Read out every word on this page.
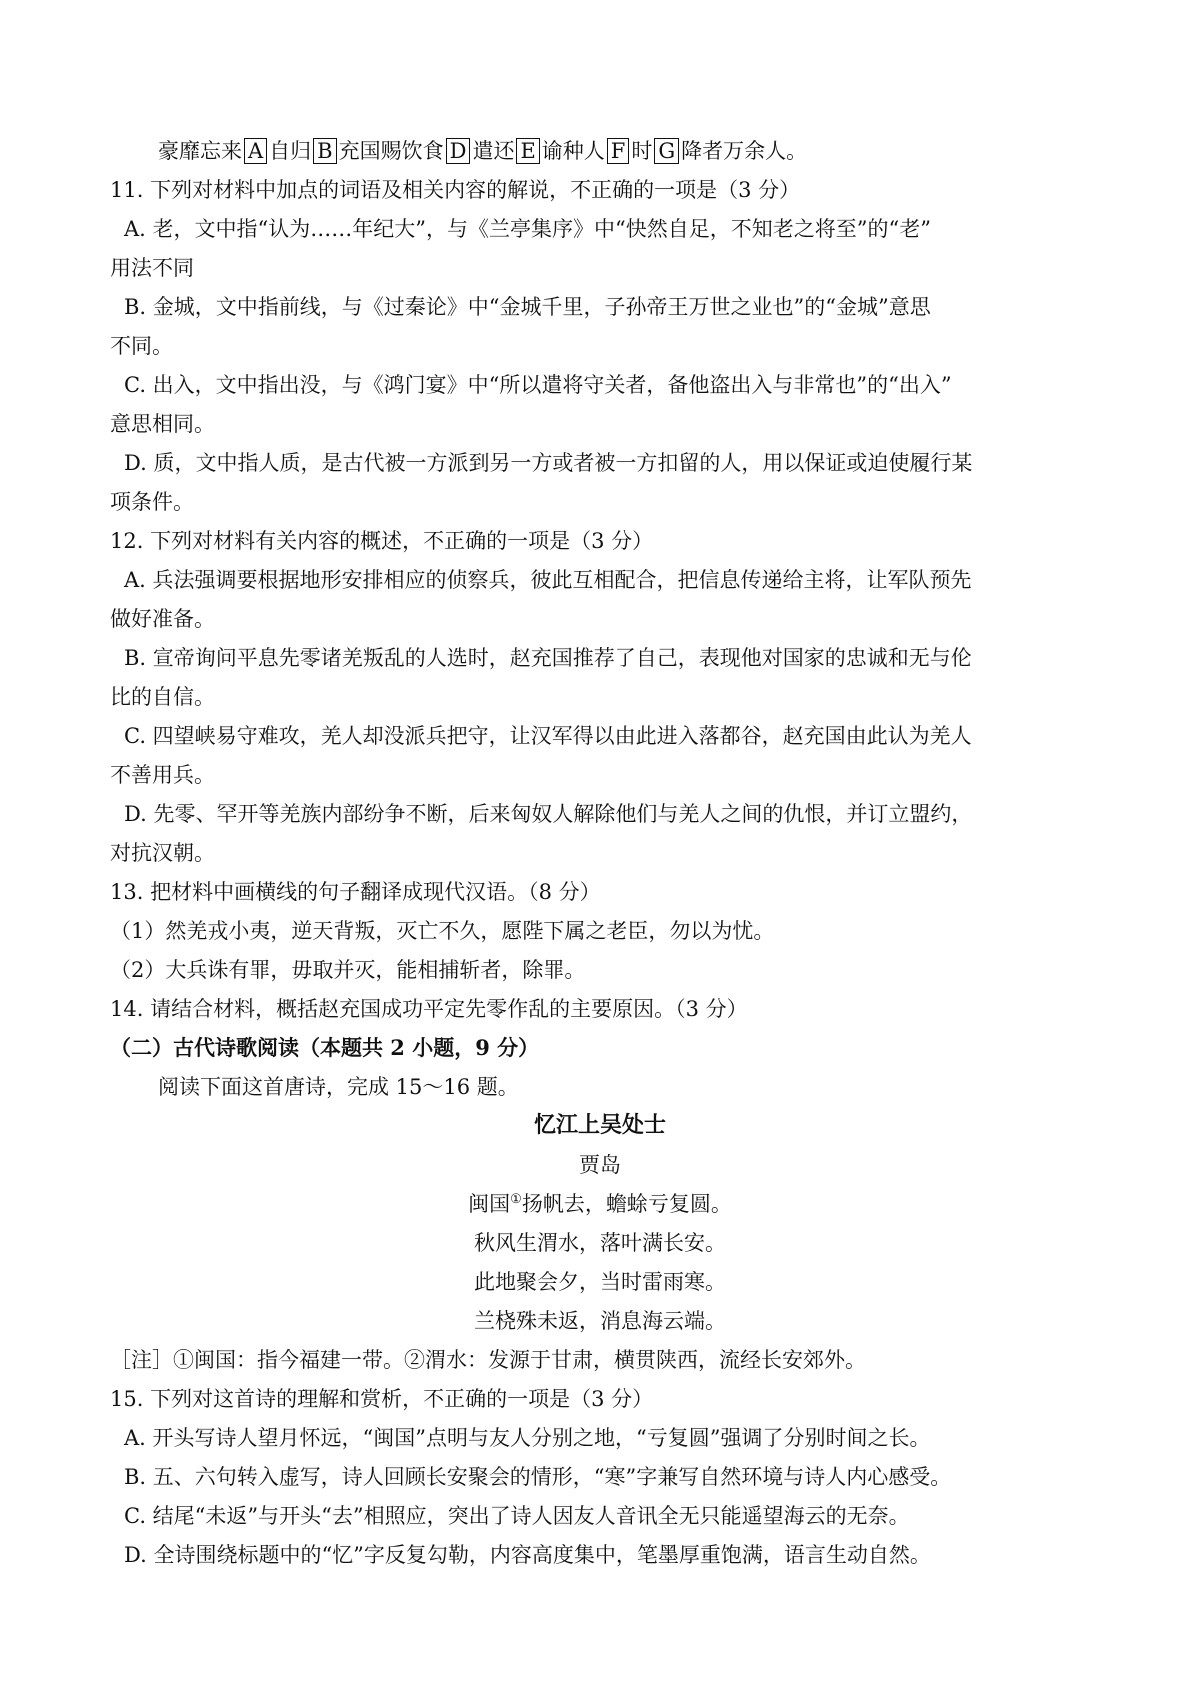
豪靡忘来 A 自归 B 充国赐饮食 D 遣还 E 谕种人 F 时 G 降者万余人。
11. 下列对材料中加点的词语及相关内容的解说，不正确的一项是（3 分）
A. 老，文中指“认为……年纪大”，与《兰亭集序》中“快然自足，不知老之将至”的“老”
用法不同
B. 金城，文中指前线，与《过秦论》中“金城千里，子孙帝王万世之业也”的“金城”意思
不同。
C. 出入，文中指出没，与《鸿门宴》中“所以遣将守关者，备他盗出入与非常也”的“出入”
意思相同。
D. 质，文中指人质，是古代被一方派到另一方或者被一方扣留的人，用以保证或迫使履行某
项条件。
12. 下列对材料有关内容的概述，不正确的一项是（3 分）
A. 兵法强调要根据地形安排相应的侦察兵，彼此互相配合，把信息传递给主将，让军队预先
做好准备。
B. 宣帝询问平息先零诸羌叛乱的人选时，赵充国推荐了自己，表现他对国家的忠诚和无与伦
比的自信。
C. 四望峡易守难攻，羌人却没派兵把守，让汉军得以由此进入落都谷，赵充国由此认为羌人
不善用兵。
D. 先零、罕开等羌族内部纷争不断，后来匈奴人解除他们与羌人之间的仇恨，并订立盟约，
对抗汉朝。
13. 把材料中画横线的句子翻译成现代汉语。（8 分）
（1）然羌戎小夷，逆天背叛，灭亡不久，愿陛下属之老臣，勿以为忧。
（2）大兵诛有罪，毋取并灭，能相捕斩者，除罪。
14. 请结合材料，概括赵充国成功平定先零作乱的主要原因。（3 分）
（二）古代诗歌阅读（本题共 2 小题，9 分）
阅读下面这首唐诗，完成 15～16 题。
忆江上吴处士
贾岛
闽国①扬帆去，蟾蜍亏复圆。
秋风生渭水，落叶满长安。
此地聚会夕，当时雷雨寒。
兰桡殊未返，消息海云端。
［注］①闽国：指今福建一带。②渭水：发源于甘肃，横贯陕西，流经长安郊外。
15. 下列对这首诗的理解和赏析，不正确的一项是（3 分）
A. 开头写诗人望月怀远，“闽国”点明与友人分别之地，“亏复圆”强调了分别时间之长。
B. 五、六句转入虚写，诗人回顾长安聚会的情形，“寒”字兼写自然环境与诗人内心感受。
C. 结尾“未返”与开头“去”相照应，突出了诗人因友人音讯全无只能遥望海云的无奈。
D. 全诗围绕标题中的“忆”字反复勾勒，内容高度集中，笔墨厚重饱满，语言生动自然。
